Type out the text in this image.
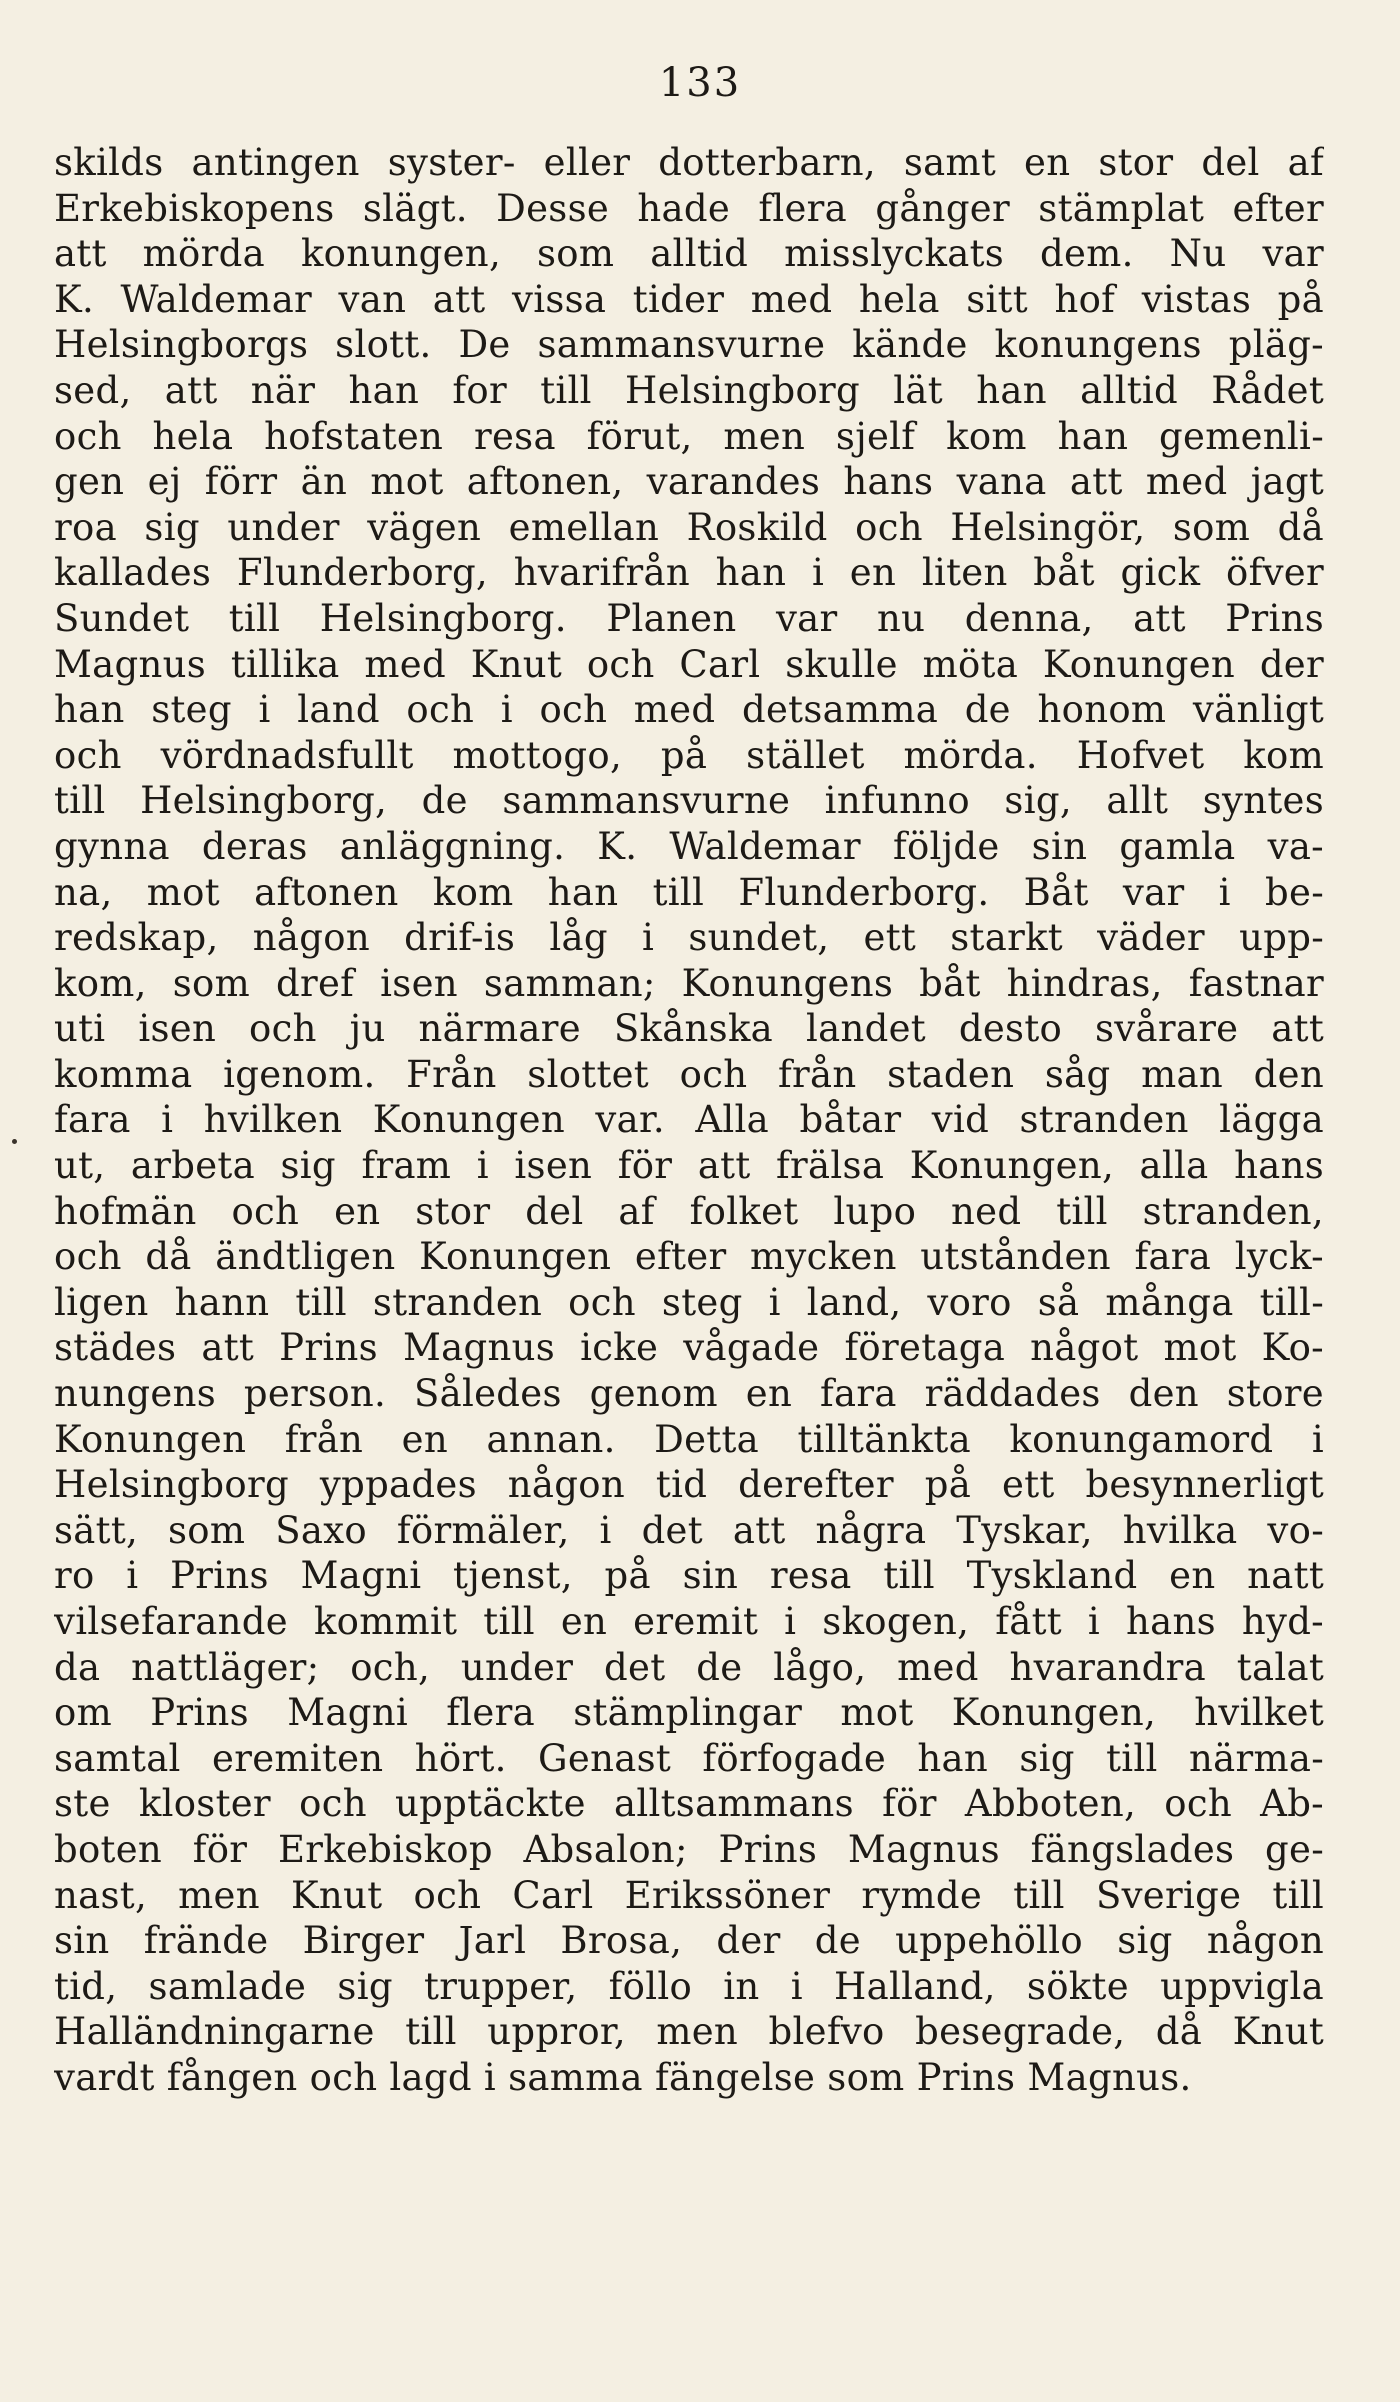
133
skilds antingen syster- eller dotterbarn, samt en stor del af
Erkebiskopens slägt. Desse hade flera gånger stämplat efter
att mörda konungen, som alltid misslyckats dem. Nu var
K. Waldemar van att vissa tider med hela sitt hof vistas på
Helsingborgs slott. De sammansvurne kände konungens pläg-
sed, att när han for till Helsingborg lät han alltid Rådet
och hela hofstaten resa förut, men sjelf kom han gemenli-
gen ej förr än mot aftonen, varandes hans vana att med jagt
roa sig under vägen emellan Roskild och Helsingör, som då
kallades Flunderborg, hvarifrån han i en liten båt gick öfver
Sundet till Helsingborg. Planen var nu denna, att Prins
Magnus tillika med Knut och Carl skulle möta Konungen der
han steg i land och i och med detsamma de honom vänligt
och vördnadsfullt mottogo, på stället mörda. Hofvet kom
till Helsingborg, de sammansvurne infunno sig, allt syntes
gynna deras anläggning. K. Waldemar följde sin gamla va-
na, mot aftonen kom han till Flunderborg. Båt var i be-
redskap, någon drif-is låg i sundet, ett starkt väder upp-
kom, som dref isen samman; Konungens båt hindras, fastnar
uti isen och ju närmare Skånska landet desto svårare att
komma igenom. Från slottet och från staden såg man den
fara i hvilken Konungen var. Alla båtar vid stranden lägga
ut, arbeta sig fram i isen för att frälsa Konungen, alla hans
hofmän och en stor del af folket lupo ned till stranden,
och då ändtligen Konungen efter mycken utstånden fara lyck-
ligen hann till stranden och steg i land, voro så många till-
städes att Prins Magnus icke vågade företaga något mot Ko-
nungens person. Således genom en fara räddades den store
Konungen från en annan. Detta tilltänkta konungamord i
Helsingborg yppades någon tid derefter på ett besynnerligt
sätt, som Saxo förmäler, i det att några Tyskar, hvilka vo-
ro i Prins Magni tjenst, på sin resa till Tyskland en natt
vilsefarande kommit till en eremit i skogen, fått i hans hyd-
da nattläger; och, under det de lågo, med hvarandra talat
om Prins Magni flera stämplingar mot Konungen, hvilket
samtal eremiten hört. Genast förfogade han sig till närma-
ste kloster och upptäckte alltsammans för Abboten, och Ab-
boten för Erkebiskop Absalon; Prins Magnus fängslades ge-
nast, men Knut och Carl Erikssöner rymde till Sverige till
sin frände Birger Jarl Brosa, der de uppehöllo sig någon
tid, samlade sig trupper, föllo in i Halland, sökte uppvigla
Halländningarne till uppror, men blefvo besegrade, då Knut
vardt fången och lagd i samma fängelse som Prins Magnus.
